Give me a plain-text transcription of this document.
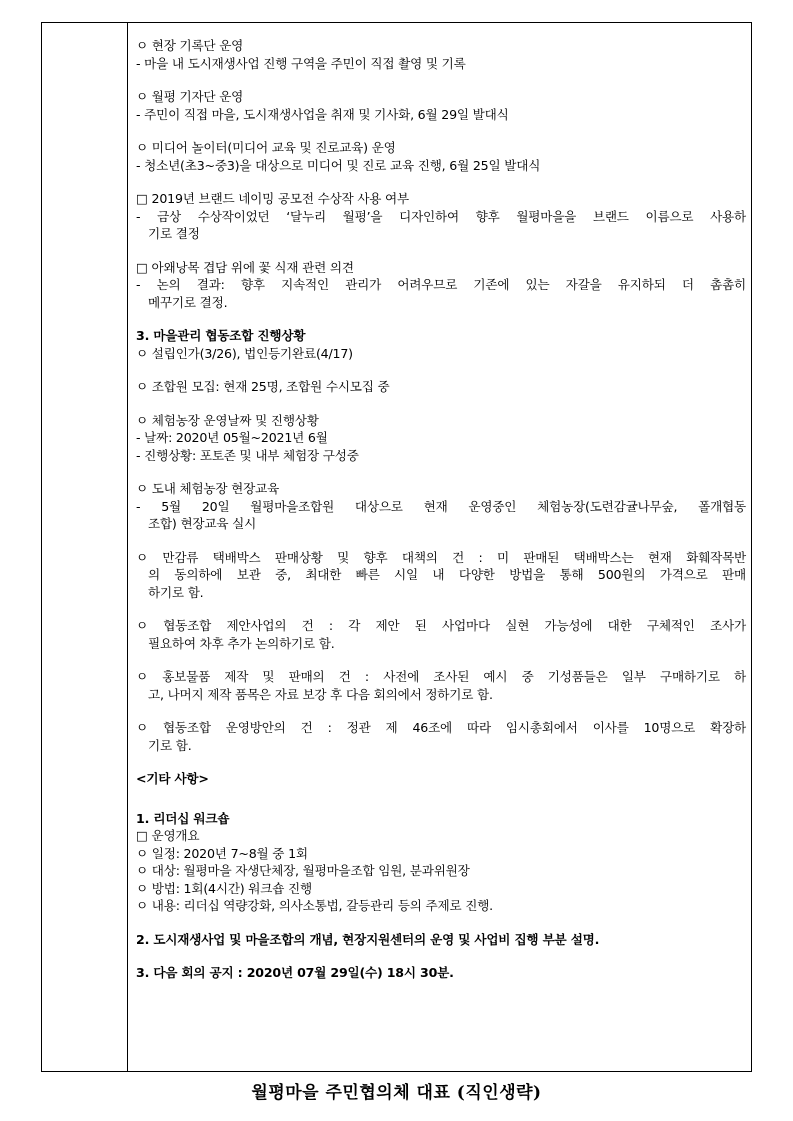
ㅇ 현장 기록단 운영
- 마을 내 도시재생사업 진행 구역을 주민이 직접 촬영 및 기록
ㅇ 월평 기자단 운영
- 주민이 직접 마을, 도시재생사업을 취재 및 기사화, 6월 29일 발대식
ㅇ 미디어 놀이터(미디어 교육 및 진로교육) 운영
- 청소년(초3~중3)을 대상으로 미디어 및 진로 교육 진행, 6월 25일 발대식
□ 2019년 브랜드 네이밍 공모전 수상작 사용 여부
- 금상 수상작이었던 ‘달누리 월평’을 디자인하여 향후 월평마을을 브랜드 이름으로 사용하
기로 결정
□ 아왜낭목 겹담 위에 꽃 식재 관련 의견
- 논의 결과: 향후 지속적인 관리가 어려우므로 기존에 있는 자갈을 유지하되 더 촘촘히
메꾸기로 결정.
3. 마을관리 협동조합 진행상황
ㅇ 설립인가(3/26), 법인등기완료(4/17)
ㅇ 조합원 모집: 현재 25명, 조합원 수시모집 중
ㅇ 체험농장 운영날짜 및 진행상황
- 날짜: 2020년 05월~2021년 6월
- 진행상황: 포토존 및 내부 체험장 구성중
ㅇ 도내 체험농장 현장교육
- 5월 20일 월평마을조합원 대상으로 현재 운영중인 체험농장(도련감귤나무숲, 폴개협동
조합) 현장교육 실시
ㅇ 만감류 택배박스 판매상황 및 향후 대책의 건 : 미 판매된 택배박스는 현재 화훼작목반
의 동의하에 보관 중, 최대한 빠른 시일 내 다양한 방법을 통해 500원의 가격으로 판매
하기로 함.
ㅇ 협동조합 제안사업의 건 : 각 제안 된 사업마다 실현 가능성에 대한 구체적인 조사가
필요하여 차후 추가 논의하기로 함.
ㅇ 홍보물품 제작 및 판매의 건 : 사전에 조사된 예시 중 기성품들은 일부 구매하기로 하
고, 나머지 제작 품목은 자료 보강 후 다음 회의에서 정하기로 함.
ㅇ 협동조합 운영방안의 건 : 정관 제 46조에 따라 임시총회에서 이사를 10명으로 확장하
기로 함.
<기타 사항>
1. 리더십 워크숍
□ 운영개요
ㅇ 일정: 2020년 7~8월 중 1회
ㅇ 대상: 월평마을 자생단체장, 월평마을조합 임원, 분과위원장
ㅇ 방법: 1회(4시간) 워크숍 진행
ㅇ 내용: 리더십 역량강화, 의사소통법, 갈등관리 등의 주제로 진행.
2. 도시재생사업 및 마을조합의 개념, 현장지원센터의 운영 및 사업비 집행 부분 설명.
3. 다음 회의 공지 : 2020년 07월 29일(수) 18시 30분.
월평마을 주민협의체 대표 (직인생략)
